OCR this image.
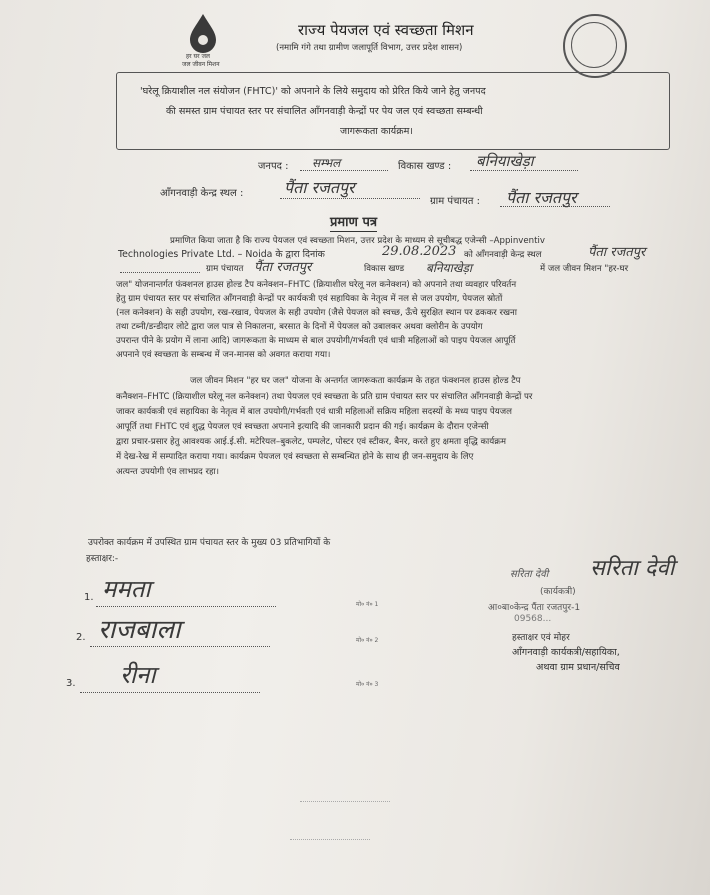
हर घर जल
जल जीवन मिशन
राज्य पेयजल एवं स्वच्छता मिशन
(नमामि गंगे तथा ग्रामीण जलापूर्ति विभाग, उत्तर प्रदेश शासन)
'घरेलू क्रियाशील नल संयोजन (FHTC)' को अपनाने के लिये समुदाय को प्रेरित किये जाने हेतु जनपद
की समस्त ग्राम पंचायत स्तर पर संचालित आँगनवाड़ी केन्द्रों पर पेय जल एवं स्वच्छता सम्बन्धी
जागरूकता कार्यक्रम।
जनपद : सम्भल	विकास खण्ड : बनियाखेड़ा
आँगनवाड़ी केन्द्र स्थल :	पैंता रजतपुर
ग्राम पंचायत : पैंता रजतपुर
प्रमाण पत्र
प्रमाणित किया जाता है कि राज्य पेयजल एवं स्वच्छता मिशन, उत्तर प्रदेश के माध्यम से सूचीबद्ध एजेन्सी –Appinventiv
Technologies Private Ltd. – Noida के द्वारा दिनांक	29.08.2023 को आँगनवाड़ी केन्द्र स्थल	पैंता रजतपुर
ग्राम पंचायत पैंता रजतपुर	विकास खण्ड बनियाखेड़ा	में जल जीवन मिशन "हर-घर
जल" योजनान्तर्गत फंक्शनल हाउस होल्ड टैप कनेक्शन–FHTC (क्रियाशील घरेलू नल कनेक्शन) को अपनाने तथा व्यवहार परिवर्तन
हेतु ग्राम पंचायत स्तर पर संचालित आँगनवाड़ी केन्द्रों पर कार्यकत्री एवं सहायिका के नेतृत्व में नल से जल उपयोग, पेयजल स्रोतों
(नल कनेक्शन) के सही उपयोग, रख-रखाव, पेयजल के सही उपयोग (जैसे पेयजल को स्वच्छ, ऊँचे सुरक्षित स्थान पर ढककर रखना
तथा टब्नी/डन्डीदार लोटे द्वारा जल पात्र से निकालना, बरसात के दिनों में पेयजल को उबालकर अथवा क्लोरीन के उपयोग
उपरान्त पीने के प्रयोग में लाना आदि) जागरूकता के माध्यम से बाल उपयोगी/गर्भवती एवं धात्री महिलाओं को पाइप पेयजल आपूर्ति
अपनाने एवं स्वच्छता के सम्बन्ध में जन-मानस को अवगत कराया गया।
जल जीवन मिशन "हर घर जल" योजना के अन्तर्गत जागरूकता कार्यक्रम के तहत फंक्शनल हाउस होल्ड टैप
कनैक्शन–FHTC (क्रियाशील घरेलू नल कनेक्शन) तथा पेयजल एवं स्वच्छता के प्रति ग्राम पंचायत स्तर पर संचालित आँगनवाड़ी केन्द्रों पर
जाकर कार्यकत्री एवं सहायिका के नेतृत्व में बाल उपयोगी/गर्भवती एवं धात्री महिलाओं सक्रिय महिला सदस्यों के मध्य पाइप पेयजल
आपूर्ति तथा FHTC एवं शुद्ध पेयजल एवं स्वच्छता अपनाने इत्यादि की जानकारी प्रदान की गई। कार्यक्रम के दौरान एजेन्सी
द्वारा प्रचार-प्रसार हेतु आवश्यक आई.ई.सी. मटेरियल–बुकलेट, पम्पलेट, पोस्टर एवं स्टीकर, बैनर, करते हुए क्षमता वृद्धि कार्यक्रम
में देख-रेख में सम्पादित कराया गया। कार्यक्रम पेयजल एवं स्वच्छता से सम्बन्धित होने के साथ ही जन-समुदाय के लिए
अत्यन्त उपयोगी एंव लाभप्रद रहा।
उपरोक्त कार्यक्रम में उपस्थित ग्राम पंचायत स्तर के मुख्य 03 प्रतिभागियों के
हस्ताक्षर:-
1. ममता
मो० नं० 1
2. राजबाला	मो० नं० 2
3. रीना	मो० नं० 3
सरिता देवी सरिता देवी
(कार्यकत्री)
आ०बा०केन्द्र पैंता रजतपुर-1
09568...
हस्ताक्षर एवं मोहर
आँगनवाड़ी कार्यकत्री/सहायिका,
अथवा ग्राम प्रधान/सचिव
